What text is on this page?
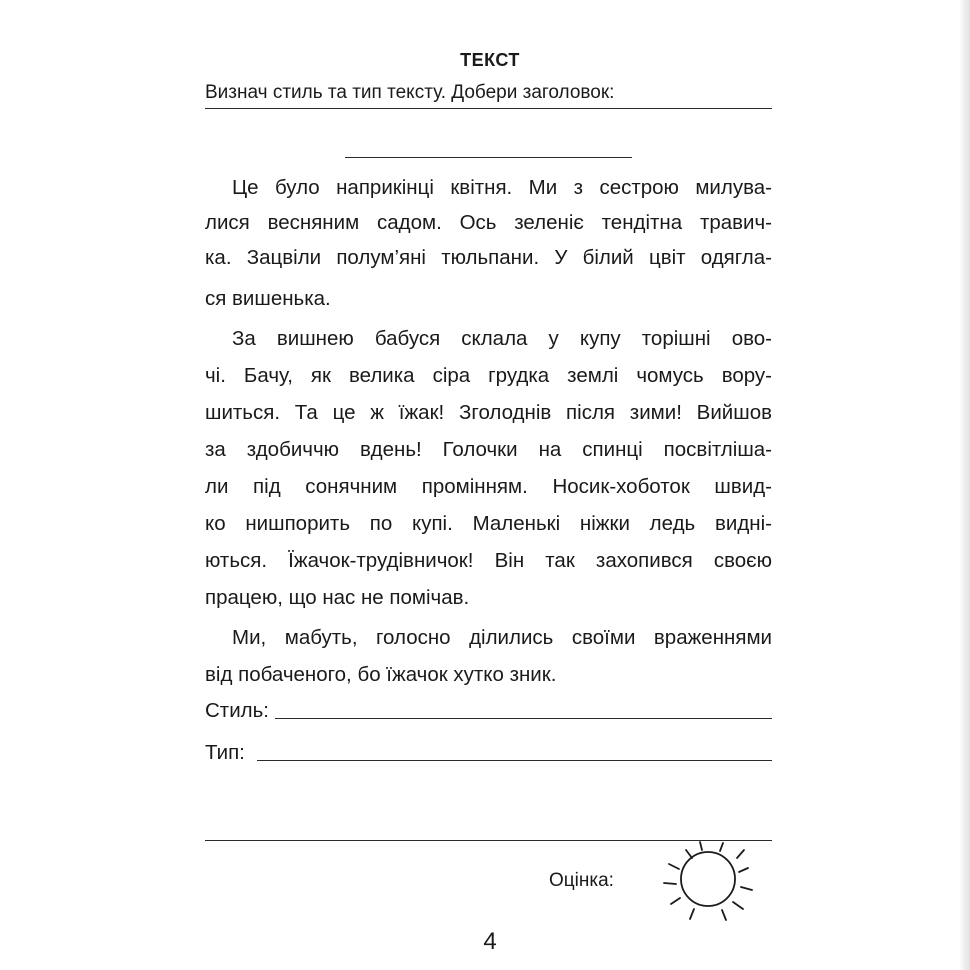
ТЕКСТ
Визнач стиль та тип тексту. Добери заголовок:
Це було наприкінці квітня. Ми з сестрою милува-
лися весняним садом. Ось зеленіє тендітна травич-
ка. Зацвіли полум’яні тюльпани. У білий цвіт одягла-
ся вишенька.
За вишнею бабуся склала у купу торішні ово-
чі. Бачу, як велика сіра грудка землі чомусь вору-
шиться. Та це ж їжак! Зголоднів після зими! Вийшов
за здобиччю вдень! Голочки на спинці посвітліша-
ли під сонячним промінням. Носик-хоботок швид-
ко нишпорить по купі. Маленькі ніжки ледь видні-
ються. Їжачок-трудівничок! Він так захопився своєю
працею, що нас не помічав.
Ми, мабуть, голосно ділились своїми враженнями
від побаченого, бо їжачок хутко зник.
Стиль:
Тип:
Оцінка:
4
